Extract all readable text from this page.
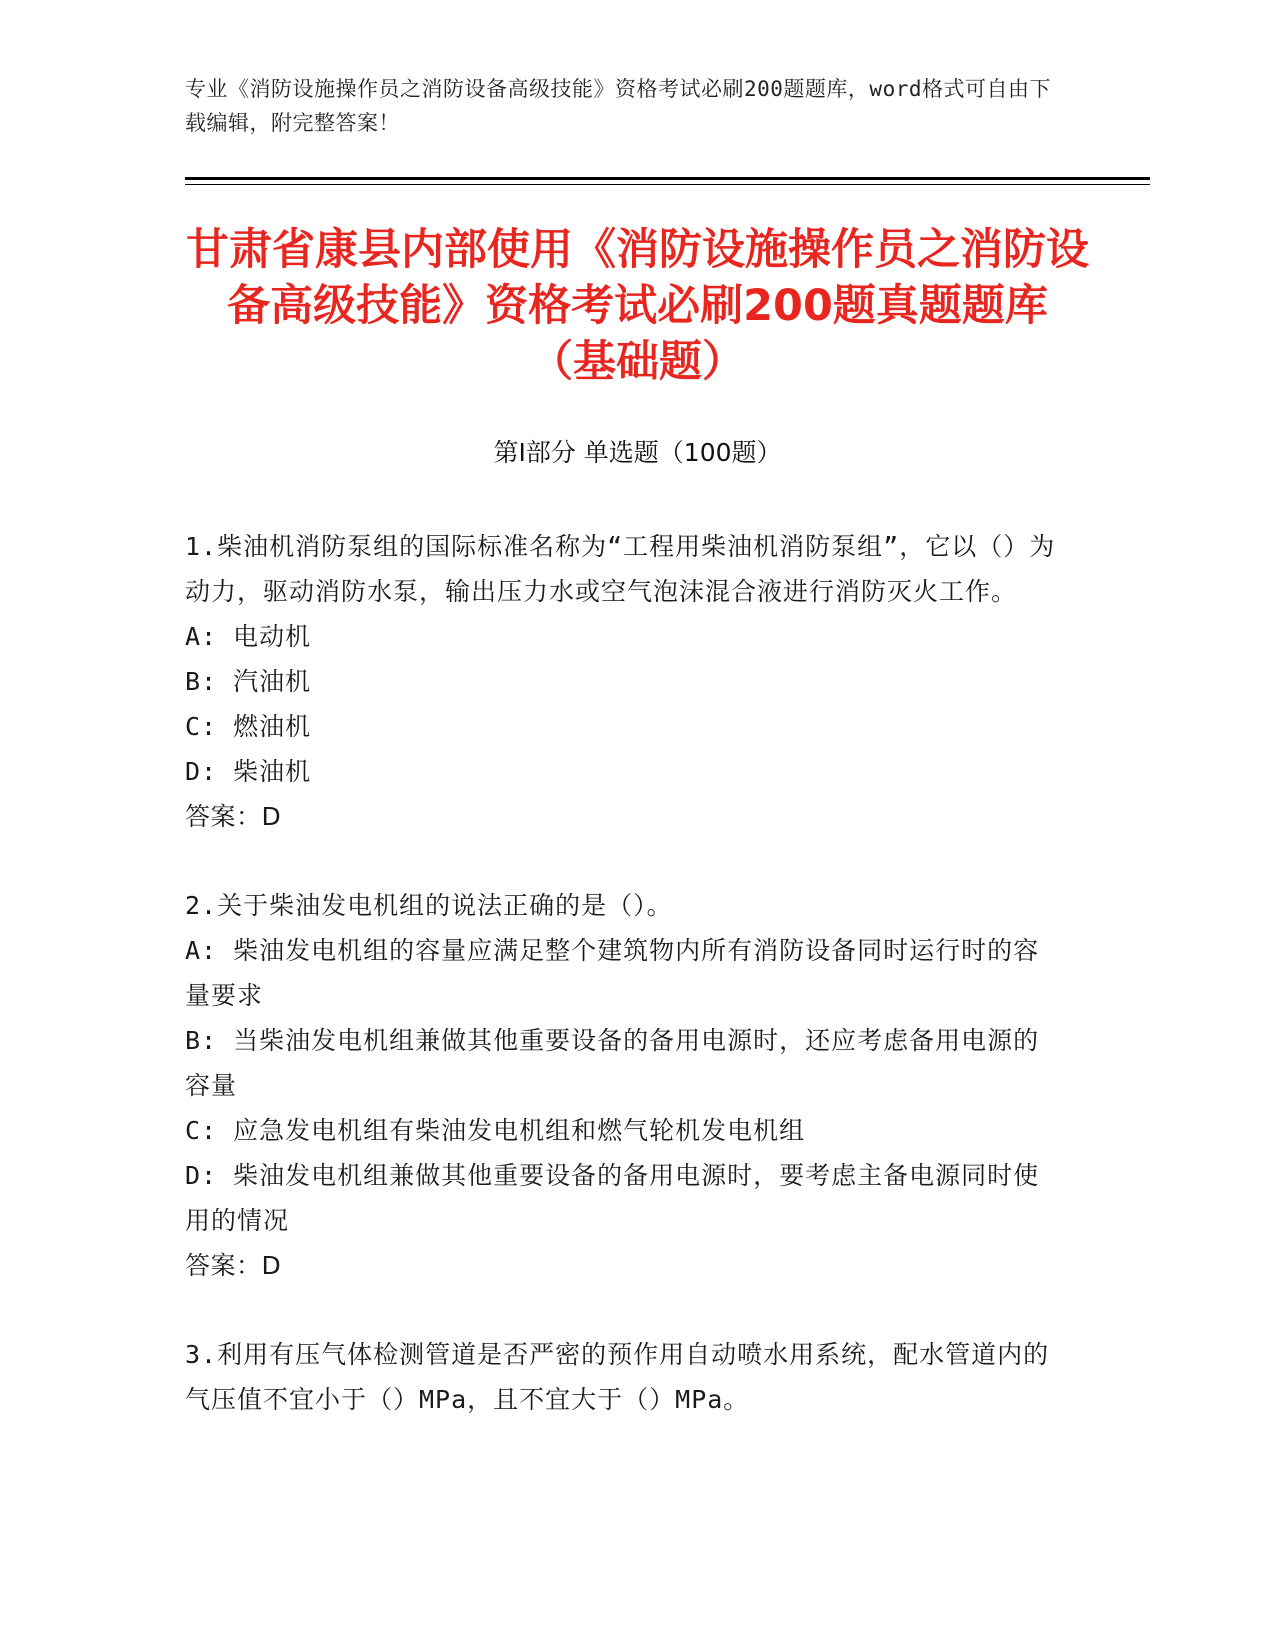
专业《消防设施操作员之消防设备高级技能》资格考试必刷200题题库，word格式可自由下载编辑，附完整答案！
甘肃省康县内部使用《消防设施操作员之消防设备高级技能》资格考试必刷200题真题题库（基础题）
第Ⅰ部分 单选题（100题）

1.柴油机消防泵组的国际标准名称为“工程用柴油机消防泵组”，它以（）为动力，驱动消防水泵，输出压力水或空气泡沫混合液进行消防灭火工作。

A: 电动机

B: 汽油机

C: 燃油机

D: 柴油机

答案：D

2.关于柴油发电机组的说法正确的是（）。

A: 柴油发电机组的容量应满足整个建筑物内所有消防设备同时运行时的容量要求

B: 当柴油发电机组兼做其他重要设备的备用电源时，还应考虑备用电源的容量

C: 应急发电机组有柴油发电机组和燃气轮机发电机组

D: 柴油发电机组兼做其他重要设备的备用电源时，要考虑主备电源同时使用的情况

答案：D

3.利用有压气体检测管道是否严密的预作用自动喷水用系统，配水管道内的气压值不宜小于（）MPa，且不宜大于（）MPa。
